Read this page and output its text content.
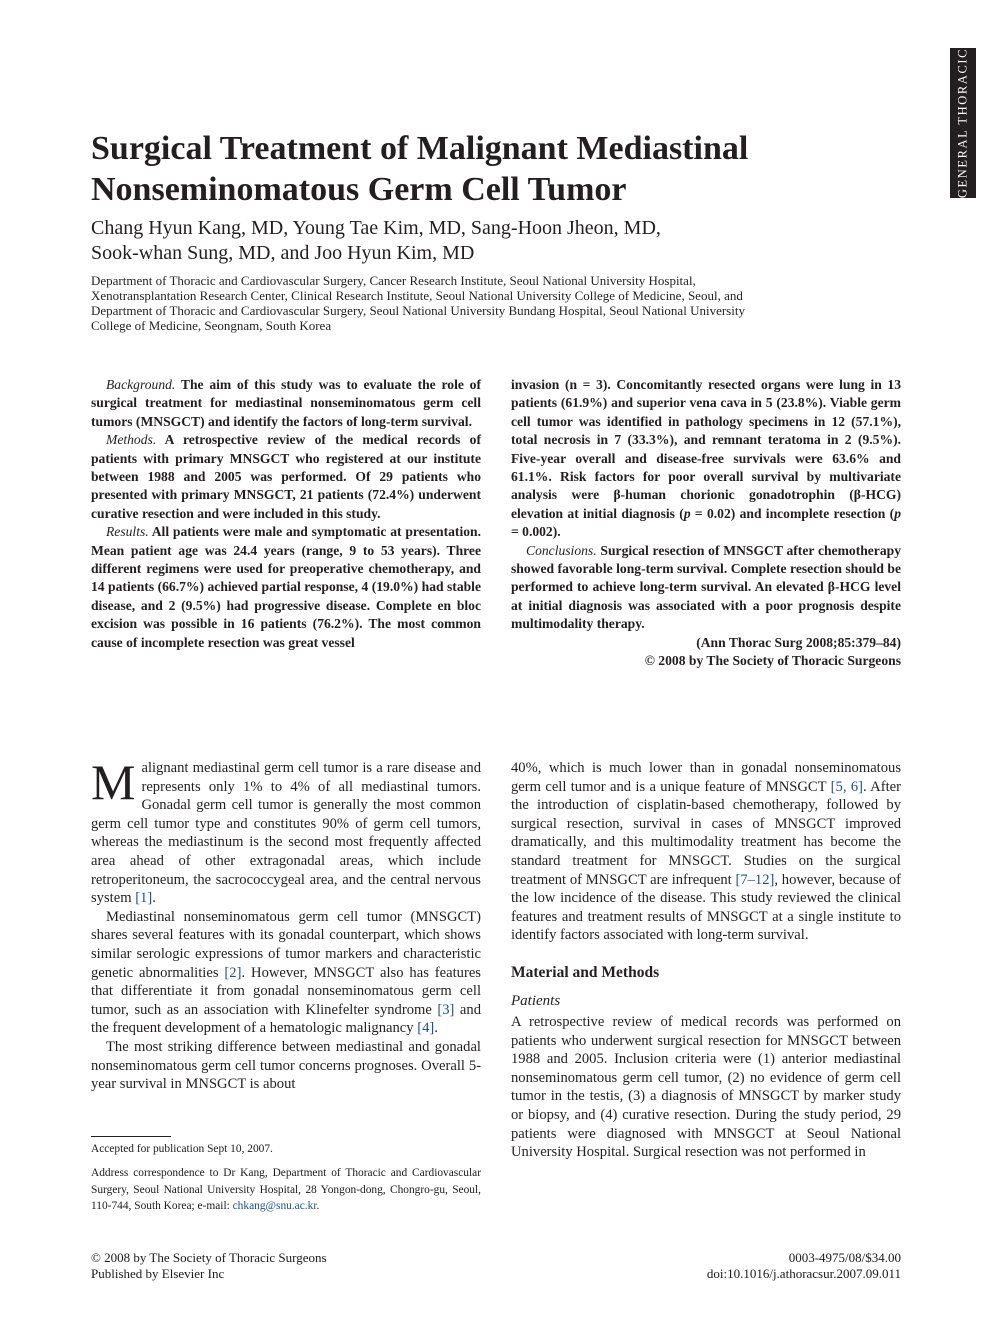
GENERAL THORACIC
Surgical Treatment of Malignant Mediastinal
Nonseminomatous Germ Cell Tumor

Chang Hyun Kang, MD, Young Tae Kim, MD, Sang-Hoon Jheon, MD,
Sook-whan Sung, MD, and Joo Hyun Kim, MD

Department of Thoracic and Cardiovascular Surgery, Cancer Research Institute, Seoul National University Hospital,
Xenotransplantation Research Center, Clinical Research Institute, Seoul National University College of Medicine, Seoul, and
Department of Thoracic and Cardiovascular Surgery, Seoul National University Bundang Hospital, Seoul National University
College of Medicine, Seongnam, South Korea

Background. The aim of this study was to evaluate the role of surgical treatment for mediastinal nonseminomatous germ cell tumors (MNSGCT) and identify the factors of long-term survival.

Methods. A retrospective review of the medical records of patients with primary MNSGCT who registered at our institute between 1988 and 2005 was performed. Of 29 patients who presented with primary MNSGCT, 21 patients (72.4%) underwent curative resection and were included in this study.

Results. All patients were male and symptomatic at presentation. Mean patient age was 24.4 years (range, 9 to 53 years). Three different regimens were used for preoperative chemotherapy, and 14 patients (66.7%) achieved partial response, 4 (19.0%) had stable disease, and 2 (9.5%) had progressive disease. Complete en bloc excision was possible in 16 patients (76.2%). The most common cause of incomplete resection was great vessel

invasion (n = 3). Concomitantly resected organs were lung in 13 patients (61.9%) and superior vena cava in 5 (23.8%). Viable germ cell tumor was identified in pathology specimens in 12 (57.1%), total necrosis in 7 (33.3%), and remnant teratoma in 2 (9.5%). Five-year overall and disease-free survivals were 63.6% and 61.1%. Risk factors for poor overall survival by multivariate analysis were β-human chorionic gonadotrophin (β-HCG) elevation at initial diagnosis (p = 0.02) and incomplete resection (p = 0.002).

Conclusions. Surgical resection of MNSGCT after chemotherapy showed favorable long-term survival. Complete resection should be performed to achieve long-term survival. An elevated β-HCG level at initial diagnosis was associated with a poor prognosis despite multimodality therapy.

(Ann Thorac Surg 2008;85:379–84)

© 2008 by The Society of Thoracic Surgeons

Malignant mediastinal germ cell tumor is a rare disease and represents only 1% to 4% of all mediastinal tumors. Gonadal germ cell tumor is generally the most common germ cell tumor type and constitutes 90% of germ cell tumors, whereas the mediastinum is the second most frequently affected area ahead of other extragonadal areas, which include retroperitoneum, the sacrococcygeal area, and the central nervous system [1].

Mediastinal nonseminomatous germ cell tumor (MNSGCT) shares several features with its gonadal counterpart, which shows similar serologic expressions of tumor markers and characteristic genetic abnormalities [2]. However, MNSGCT also has features that differentiate it from gonadal nonseminomatous germ cell tumor, such as an association with Klinefelter syndrome [3] and the frequent development of a hematologic malignancy [4].

The most striking difference between mediastinal and gonadal nonseminomatous germ cell tumor concerns prognoses. Overall 5-year survival in MNSGCT is about

40%, which is much lower than in gonadal nonseminomatous germ cell tumor and is a unique feature of MNSGCT [5, 6]. After the introduction of cisplatin-based chemotherapy, followed by surgical resection, survival in cases of MNSGCT improved dramatically, and this multimodality treatment has become the standard treatment for MNSGCT. Studies on the surgical treatment of MNSGCT are infrequent [7–12], however, because of the low incidence of the disease. This study reviewed the clinical features and treatment results of MNSGCT at a single institute to identify factors associated with long-term survival.

Material and Methods
Patients

A retrospective review of medical records was performed on patients who underwent surgical resection for MNSGCT between 1988 and 2005. Inclusion criteria were (1) anterior mediastinal nonseminomatous germ cell tumor, (2) no evidence of germ cell tumor in the testis, (3) a diagnosis of MNSGCT by marker study or biopsy, and (4) curative resection. During the study period, 29 patients were diagnosed with MNSGCT at Seoul National University Hospital. Surgical resection was not performed in

Accepted for publication Sept 10, 2007.

Address correspondence to Dr Kang, Department of Thoracic and Cardiovascular Surgery, Seoul National University Hospital, 28 Yongon-dong, Chongro-gu, Seoul, 110-744, South Korea; e-mail: chkang@snu.ac.kr.

© 2008 by The Society of Thoracic Surgeons

Published by Elsevier Inc

0003-4975/08/$34.00

doi:10.1016/j.athoracsur.2007.09.011
